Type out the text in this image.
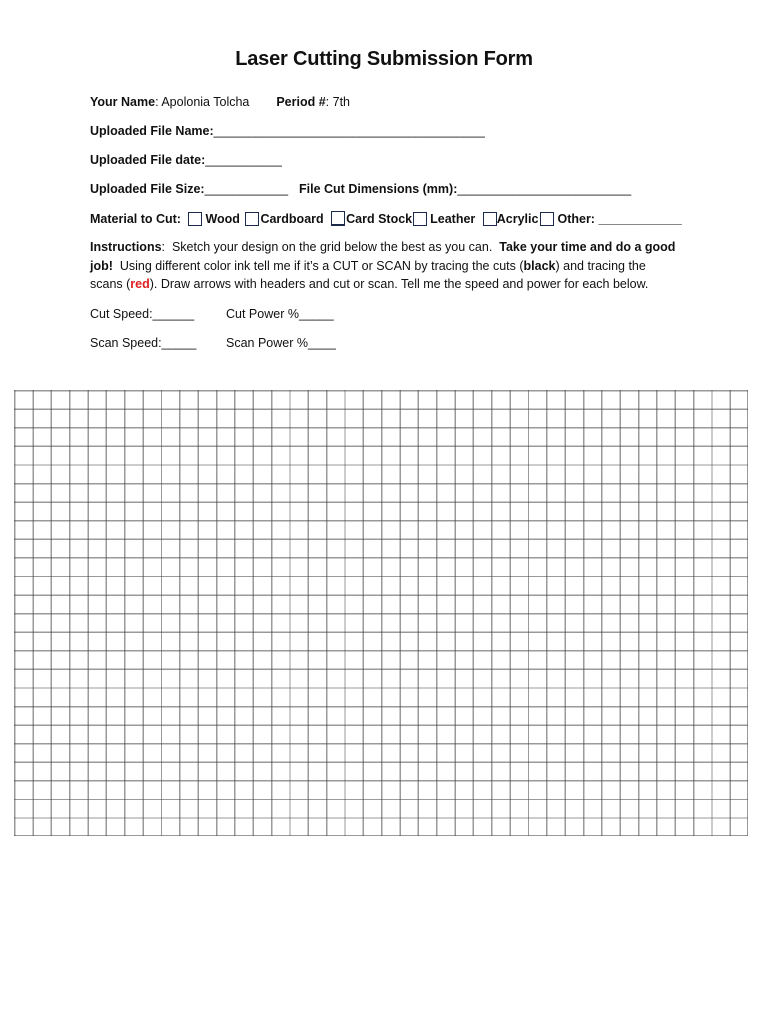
Laser Cutting Submission Form
Your Name: Apolonia Tolcha Period #: 7th
Uploaded File Name:_______________________________________
Uploaded File date:___________
Uploaded File Size:____________ File Cut Dimensions (mm):_________________________
Material to Cut: Wood Cardboard Card Stock Leather Acrylic Other: ____________
Instructions:  Sketch your design on the grid below the best as you can. Take your time and do a good job! Using different color ink tell me if it’s a CUT or SCAN by tracing the cuts (black) and tracing the scans (red). Draw arrows with headers and cut or scan. Tell me the speed and power for each below.
Cut Speed:______	Cut Power %_____
Scan Speed:_____ Scan Power %____
